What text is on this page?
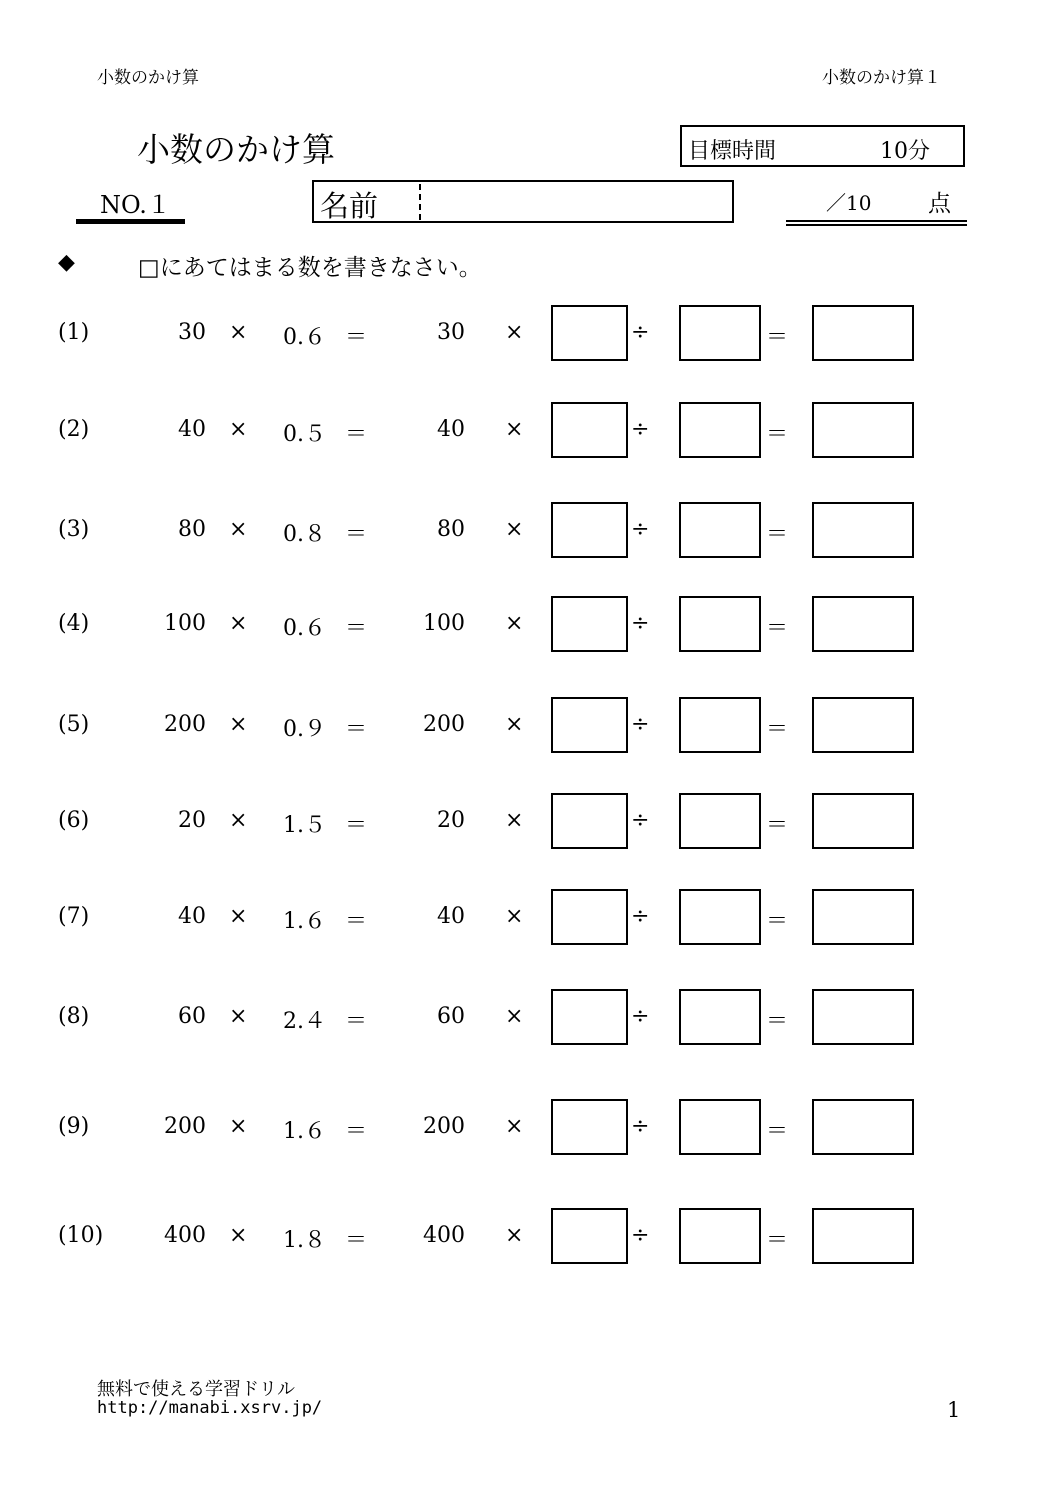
小数のかけ算	小数のかけ算１
小数のかけ算	目標時間	10分
NO.１	名前	／10 点
◆	□にあてはまる数を書きなさい。
(1)	30 × 0.６ ＝	30 ×	÷	＝
(2)	40 × 0.５ ＝	40 ×	÷	＝
(3)	80 × 0.８ ＝	80 ×	÷	＝
(4)	100 × 0.６ ＝	100 ×	÷	＝
(5)	200 × 0.９ ＝	200 ×	÷	＝
(6)	20 × 1.５ ＝	20 ×	÷	＝
(7)	40 × 1.６ ＝	40 ×	÷	＝
(8)	60 × 2.４ ＝	60 ×	÷	＝
(9)	200 × 1.６ ＝	200 ×	÷	＝
(10)	400 × 1.８ ＝	400 ×	÷	＝
無料で使える学習ドリル
http://manabi.xsrv.jp/	1
